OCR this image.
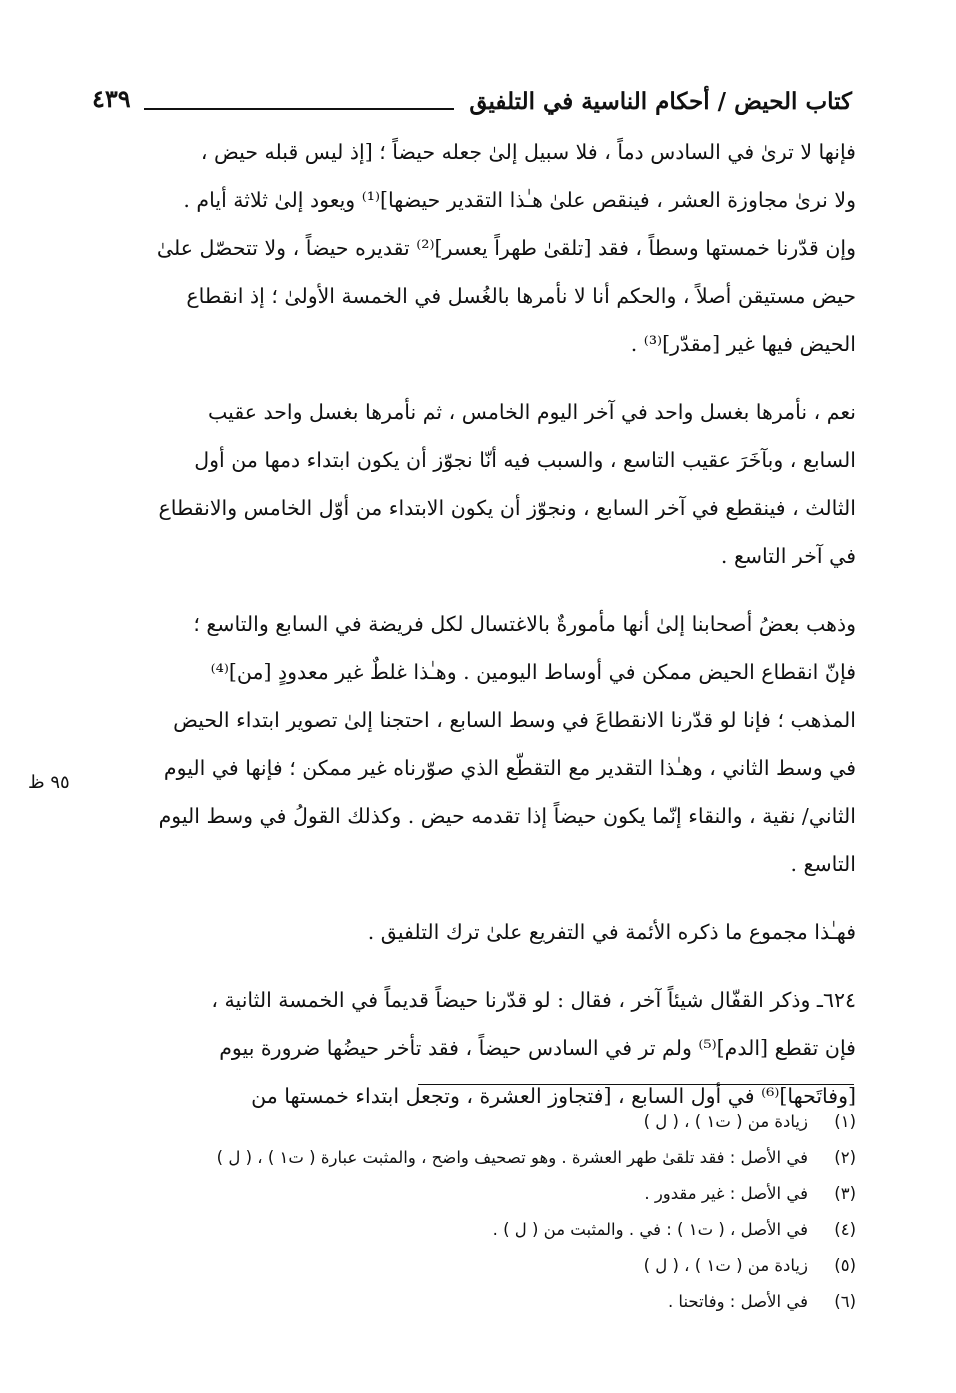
كتاب الحيض / أحكام الناسية في التلفيق
٤٣٩
٩٥ ظ

فإنها لا ترىٰ في السادس دماً ، فلا سبيل إلىٰ جعله حيضاً ؛ [إذ ليس قبله حيض ،
ولا نرىٰ مجاوزة العشر ، فينقص علىٰ هـٰذا التقدير حيضها]⁽¹⁾ ويعود إلىٰ ثلاثة أيام .
وإن قدّرنا خمستها وسطاً ، فقد [تلقىٰ طهراً يعسر]⁽²⁾ تقديره حيضاً ، ولا تتحصّل علىٰ
حيض مستيقن أصلاً ، والحكم أنا لا نأمرها بالغُسل في الخمسة الأولىٰ ؛ إذ انقطاع
الحيض فيها غير [مقدّر]⁽³⁾ .

نعم ، نأمرها بغسل واحد في آخر اليوم الخامس ، ثم نأمرها بغسل واحد عقيب
السابع ، وبآخَرَ عقيب التاسع ، والسبب فيه أنّا نجوّز أن يكون ابتداء دمها من أول
الثالث ، فينقطع في آخر السابع ، ونجوّز أن يكون الابتداء من أوّل الخامس والانقطاع
في آخر التاسع .

وذهب بعضُ أصحابنا إلىٰ أنها مأمورةٌ بالاغتسال لكل فريضة في السابع والتاسع ؛
فإنّ انقطاع الحيض ممكن في أوساط اليومين . وهـٰذا غلطٌ غير معدودٍ [من]⁽⁴⁾
المذهب ؛ فإنا لو قدّرنا الانقطاعَ في وسط السابع ، احتجنا إلىٰ تصوير ابتداء الحيض
في وسط الثاني ، وهـٰذا التقدير مع التقطّع الذي صوّرناه غير ممكن ؛ فإنها في اليوم
الثاني/ نقية ، والنقاء إنّما يكون حيضاً إذا تقدمه حيض . وكذلك القولُ في وسط اليوم
التاسع .

فهـٰذا مجموع ما ذكره الأئمة في التفريع علىٰ ترك التلفيق .

٦٢٤ـ وذكر القفّال شيئاً آخر ، فقال : لو قدّرنا حيضاً قديماً في الخمسة الثانية ،
فإن تقطع [الدم]⁽⁵⁾ ولم تر في السادس حيضاً ، فقد تأخر حيضُها ضرورة بيوم
[وفاتَحها]⁽⁶⁾ في أول السابع ، [فتجاوز العشرة ، وتجعل ابتداء خمستها من

(١)زيادة من ( ت١ ) ، ( ل )
(٢)في الأصل : فقد تلقىٰ طهر العشرة . وهو تصحيف واضح ، والمثبت عبارة ( ت١ ) ، ( ل )
(٣)في الأصل : غير مقدور .
(٤)في الأصل ، ( ت١ ) : في . والمثبت من ( ل ) .
(٥)زيادة من ( ت١ ) ، ( ل )
(٦)في الأصل : وفاتحنا .
